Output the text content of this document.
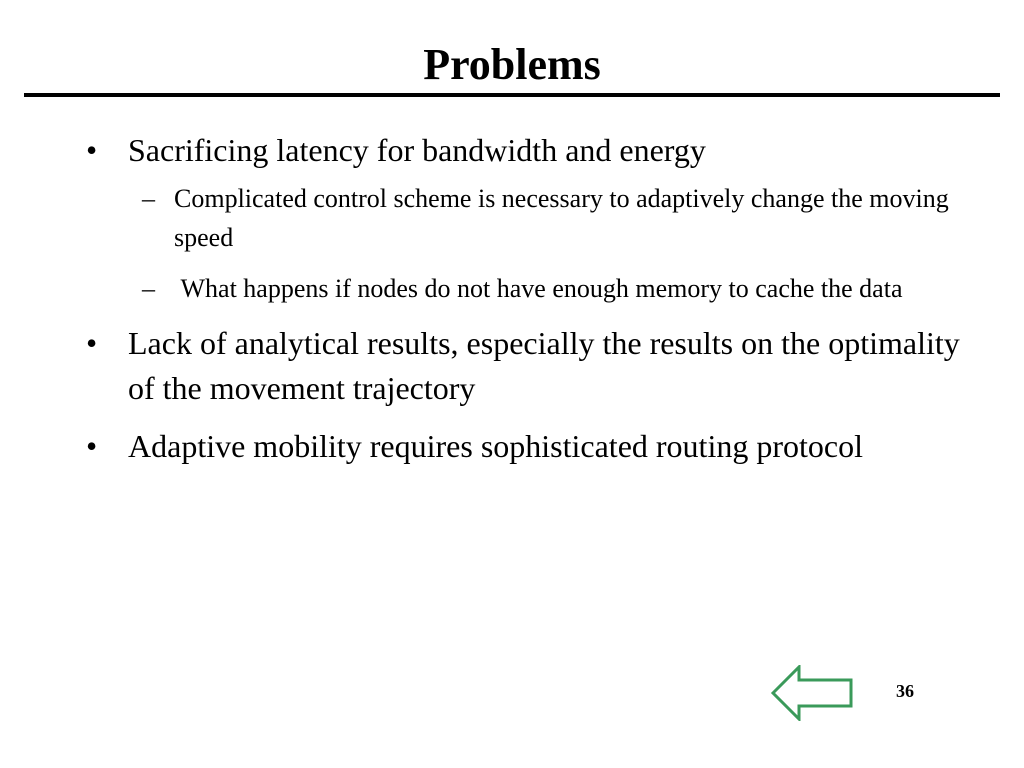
Problems
• Sacrificing latency for bandwidth and energy
– Complicated control scheme is necessary to adaptively change the moving speed
– What happens if nodes do not have enough memory to cache the data
• Lack of analytical results, especially the results on the optimality of the movement trajectory
• Adaptive mobility requires sophisticated routing protocol
36
